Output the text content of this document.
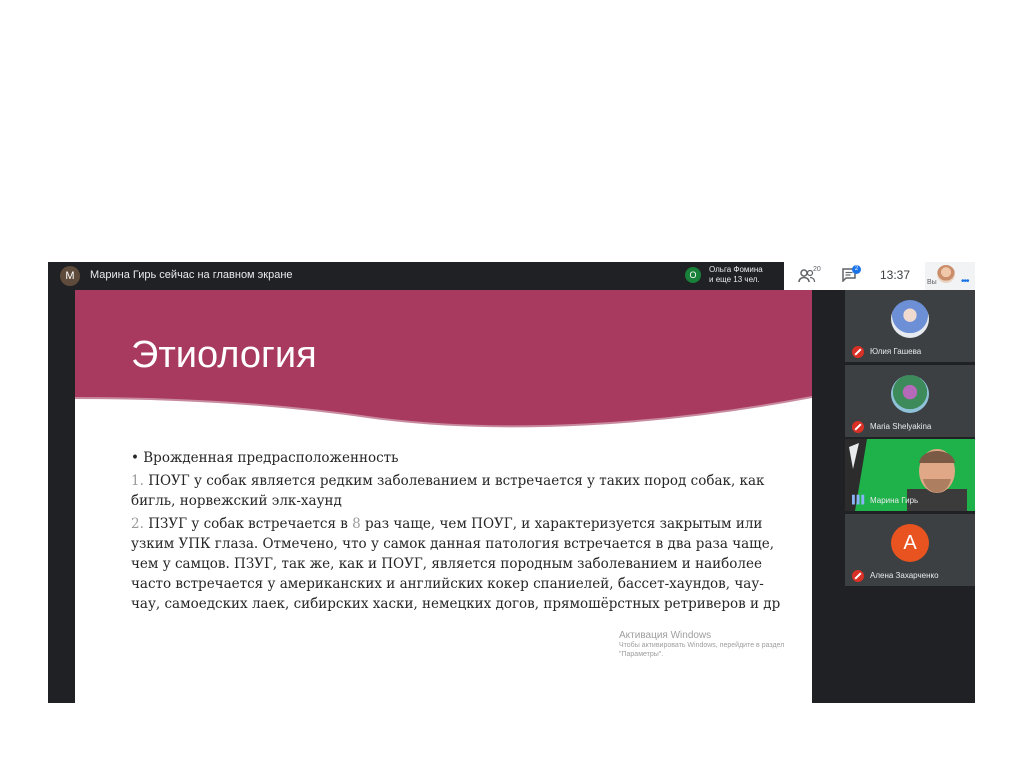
M	Марина Гирь сейчас на главном экране	О
Ольга Фомина
и еще 13 чел.
20	2 13:37
Вы •••
Этиология
• Врожденная предрасположенность
1. ПОУГ у собак является редким заболеванием и встречается у таких пород собак, как бигль, норвежский элк-хаунд
2. ПЗУГ у собак встречается в 8 раз чаще, чем ПОУГ, и характеризуется закрытым или узким УПК глаза. Отмечено, что у самок данная патология встречается в два раза чаще, чем у самцов. ПЗУГ, так же, как и ПОУГ, является породным заболеванием и наиболее часто встречается у американских и английских кокер спаниелей, бассет-хаундов, чау-чау, самоедских лаек, сибирских хаски, немецких догов, прямошёрстных ретриверов и др
Активация Windows
Чтобы активировать Windows, перейдите в раздел "Параметры".
Юлия Гашева
Maria Shelyakina
▌▌▌ Марина Гирь
А
Алена Захарченко
